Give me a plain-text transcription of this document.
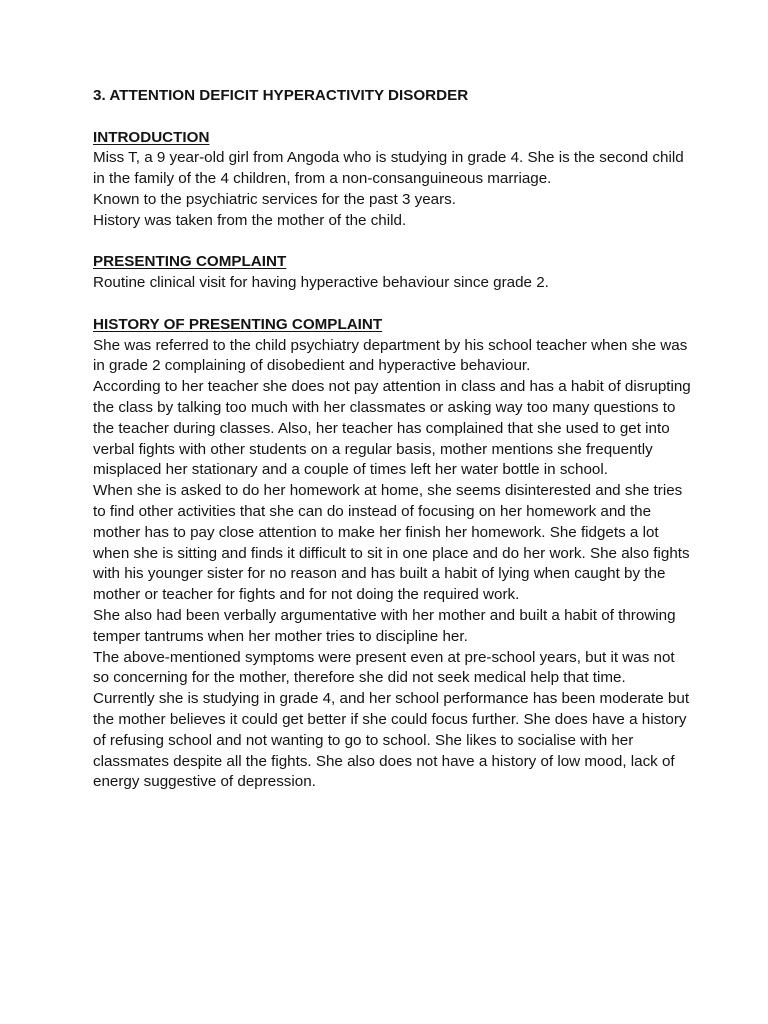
3. ATTENTION DEFICIT HYPERACTIVITY DISORDER

INTRODUCTION

Miss T, a 9 year-old girl from Angoda who is studying in grade 4. She is the second child in the family of the 4 children, from a non-consanguineous marriage.

Known to the psychiatric services for the past 3 years.

History was taken from the mother of the child.

PRESENTING COMPLAINT

Routine clinical visit for having hyperactive behaviour since grade 2.

HISTORY OF PRESENTING COMPLAINT

She was referred to the child psychiatry department by his school teacher when she was in grade 2 complaining of disobedient and hyperactive behaviour.

According to her teacher she does not pay attention in class and has a habit of disrupting the class by talking too much with her classmates or asking way too many questions to the teacher during classes. Also, her teacher has complained that she used to get into verbal fights with other students on a regular basis, mother mentions she frequently misplaced her stationary and a couple of times left her water bottle in school.

When she is asked to do her homework at home, she seems disinterested and she tries to find other activities that she can do instead of focusing on her homework and the mother has to pay close attention to make her finish her homework. She fidgets a lot when she is sitting and finds it difficult to sit in one place and do her work. She also fights with his younger sister for no reason and has built a habit of lying when caught by the mother or teacher for fights and for not doing the required work.

She also had been verbally argumentative with her mother and built a habit of throwing temper tantrums when her mother tries to discipline her.

The above-mentioned symptoms were present even at pre-school years, but it was not so concerning for the mother, therefore she did not seek medical help that time.

Currently she is studying in grade 4, and her school performance has been moderate but the mother believes it could get better if she could focus further. She does have a history of refusing school and not wanting to go to school. She likes to socialise with her classmates despite all the fights. She also does not have a history of low mood, lack of energy suggestive of depression.
